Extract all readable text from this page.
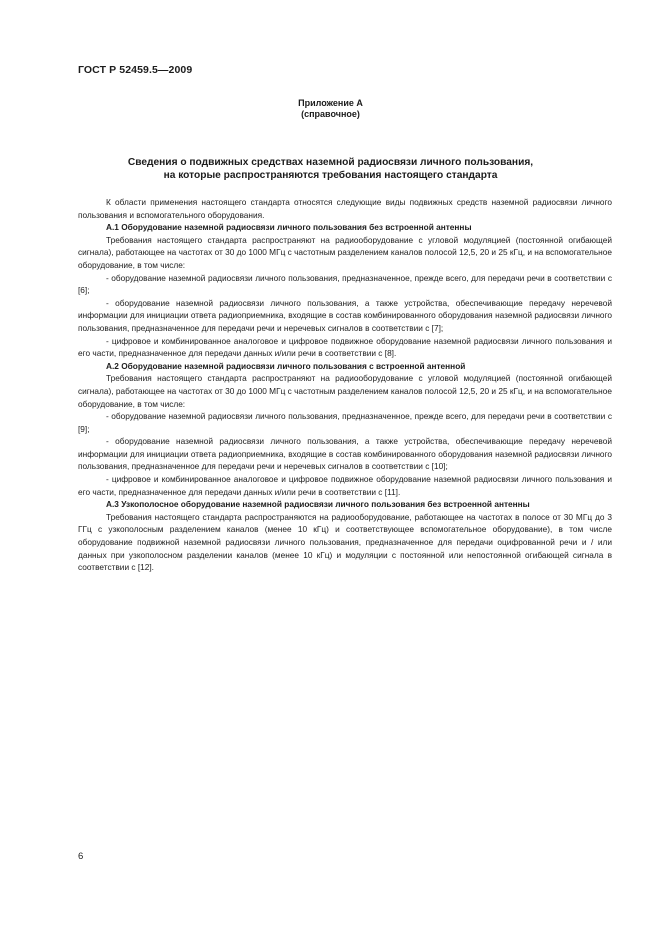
ГОСТ Р 52459.5—2009
Приложение А
(справочное)
Сведения о подвижных средствах наземной радиосвязи личного пользования,
на которые распространяются требования настоящего стандарта

К области применения настоящего стандарта относятся следующие виды подвижных средств наземной радиосвязи личного пользования и вспомогательного оборудования.

А.1 Оборудование наземной радиосвязи личного пользования без встроенной антенны

Требования настоящего стандарта распространяют на радиооборудование с угловой модуляцией (постоянной огибающей сигнала), работающее на частотах от 30 до 1000 МГц с частотным разделением каналов полосой 12,5, 20 и 25 кГц, и на вспомогательное оборудование, в том числе:

- оборудование наземной радиосвязи личного пользования, предназначенное, прежде всего, для передачи речи в соответствии с [6];

- оборудование наземной радиосвязи личного пользования, а также устройства, обеспечивающие передачу неречевой информации для инициации ответа радиоприемника, входящие в состав комбинированного оборудования наземной радиосвязи личного пользования, предназначенное для передачи речи и неречевых сигналов в соответствии с [7];

- цифровое и комбинированное аналоговое и цифровое подвижное оборудование наземной радиосвязи личного пользования и его части, предназначенное для передачи данных и/или речи в соответствии с [8].

А.2 Оборудование наземной радиосвязи личного пользования с встроенной антенной

Требования настоящего стандарта распространяют на радиооборудование с угловой модуляцией (постоянной огибающей сигнала), работающее на частотах от 30 до 1000 МГц с частотным разделением каналов полосой 12,5, 20 и 25 кГц, и на вспомогательное оборудование, в том числе:

- оборудование наземной радиосвязи личного пользования, предназначенное, прежде всего, для передачи речи в соответствии с [9];

- оборудование наземной радиосвязи личного пользования, а также устройства, обеспечивающие передачу неречевой информации для инициации ответа радиоприемника, входящие в состав комбинированного оборудования наземной радиосвязи личного пользования, предназначенное для передачи речи и неречевых сигналов в соответствии с [10];

- цифровое и комбинированное аналоговое и цифровое подвижное оборудование наземной радиосвязи личного пользования и его части, предназначенное для передачи данных и/или речи в соответствии с [11].

А.3 Узкополосное оборудование наземной радиосвязи личного пользования без встроенной антенны

Требования настоящего стандарта распространяются на радиооборудование, работающее на частотах в полосе от 30 МГц до 3 ГГц с узкополосным разделением каналов (менее 10 кГц) и соответствующее вспомогательное оборудование), в том числе оборудование подвижной наземной радиосвязи личного пользования, предназначенное для передачи оцифрованной речи и / или данных при узкополосном разделении каналов (менее 10 кГц) и модуляции с постоянной или непостоянной огибающей сигнала в соответствии с [12].

6
